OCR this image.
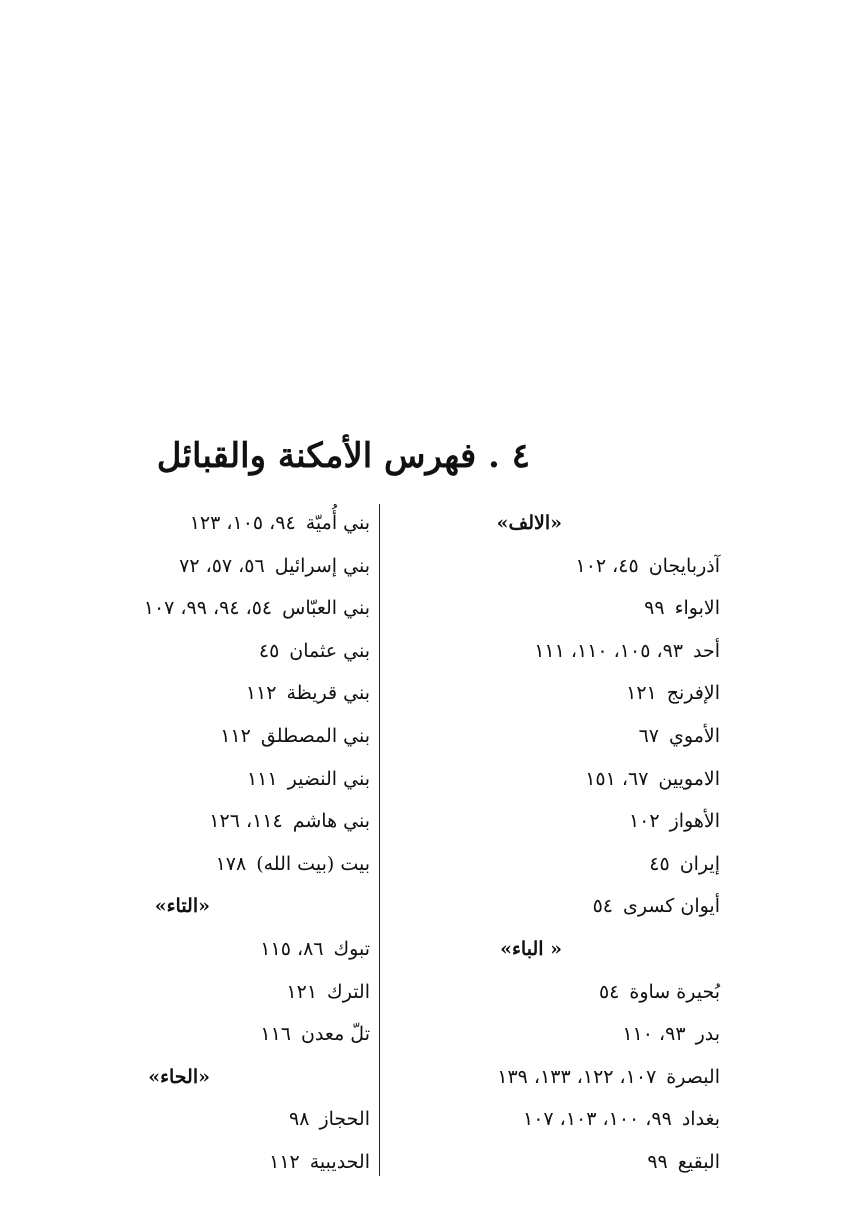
٤ . فهرس الأمكنة والقبائل
«الالف»
آذربايجان٤٥، ١٠٢
الابواء٩٩
أحد٩٣، ١٠٥، ١١٠، ١١١
الإفرنج١٢١
الأموي٦٧
الامويين٦٧، ١٥١
الأهواز١٠٢
إيران٤٥
أيوان كسرى٥٤
« الباء»
بُحيرة ساوة٥٤
بدر٩٣، ١١٠
البصرة١٠٧، ١٢٢، ١٣٣، ١٣٩
بغداد٩٩، ١٠٠، ١٠٣، ١٠٧
البقيع٩٩
بني أُميّة٩٤، ١٠٥، ١٢٣
بني إسرائيل٥٦، ٥٧، ٧٢
بني العبّاس٥٤، ٩٤، ٩٩، ١٠٧
بني عثمان٤٥
بني قريظة١١٢
بني المصطلق١١٢
بني النضير١١١
بني هاشم١١٤، ١٢٦
بيت (بيت الله)١٧٨
«التاء»
تبوك٨٦، ١١٥
الترك١٢١
تلّ معدن١١٦
«الحاء»
الحجاز٩٨
الحديبية١١٢
